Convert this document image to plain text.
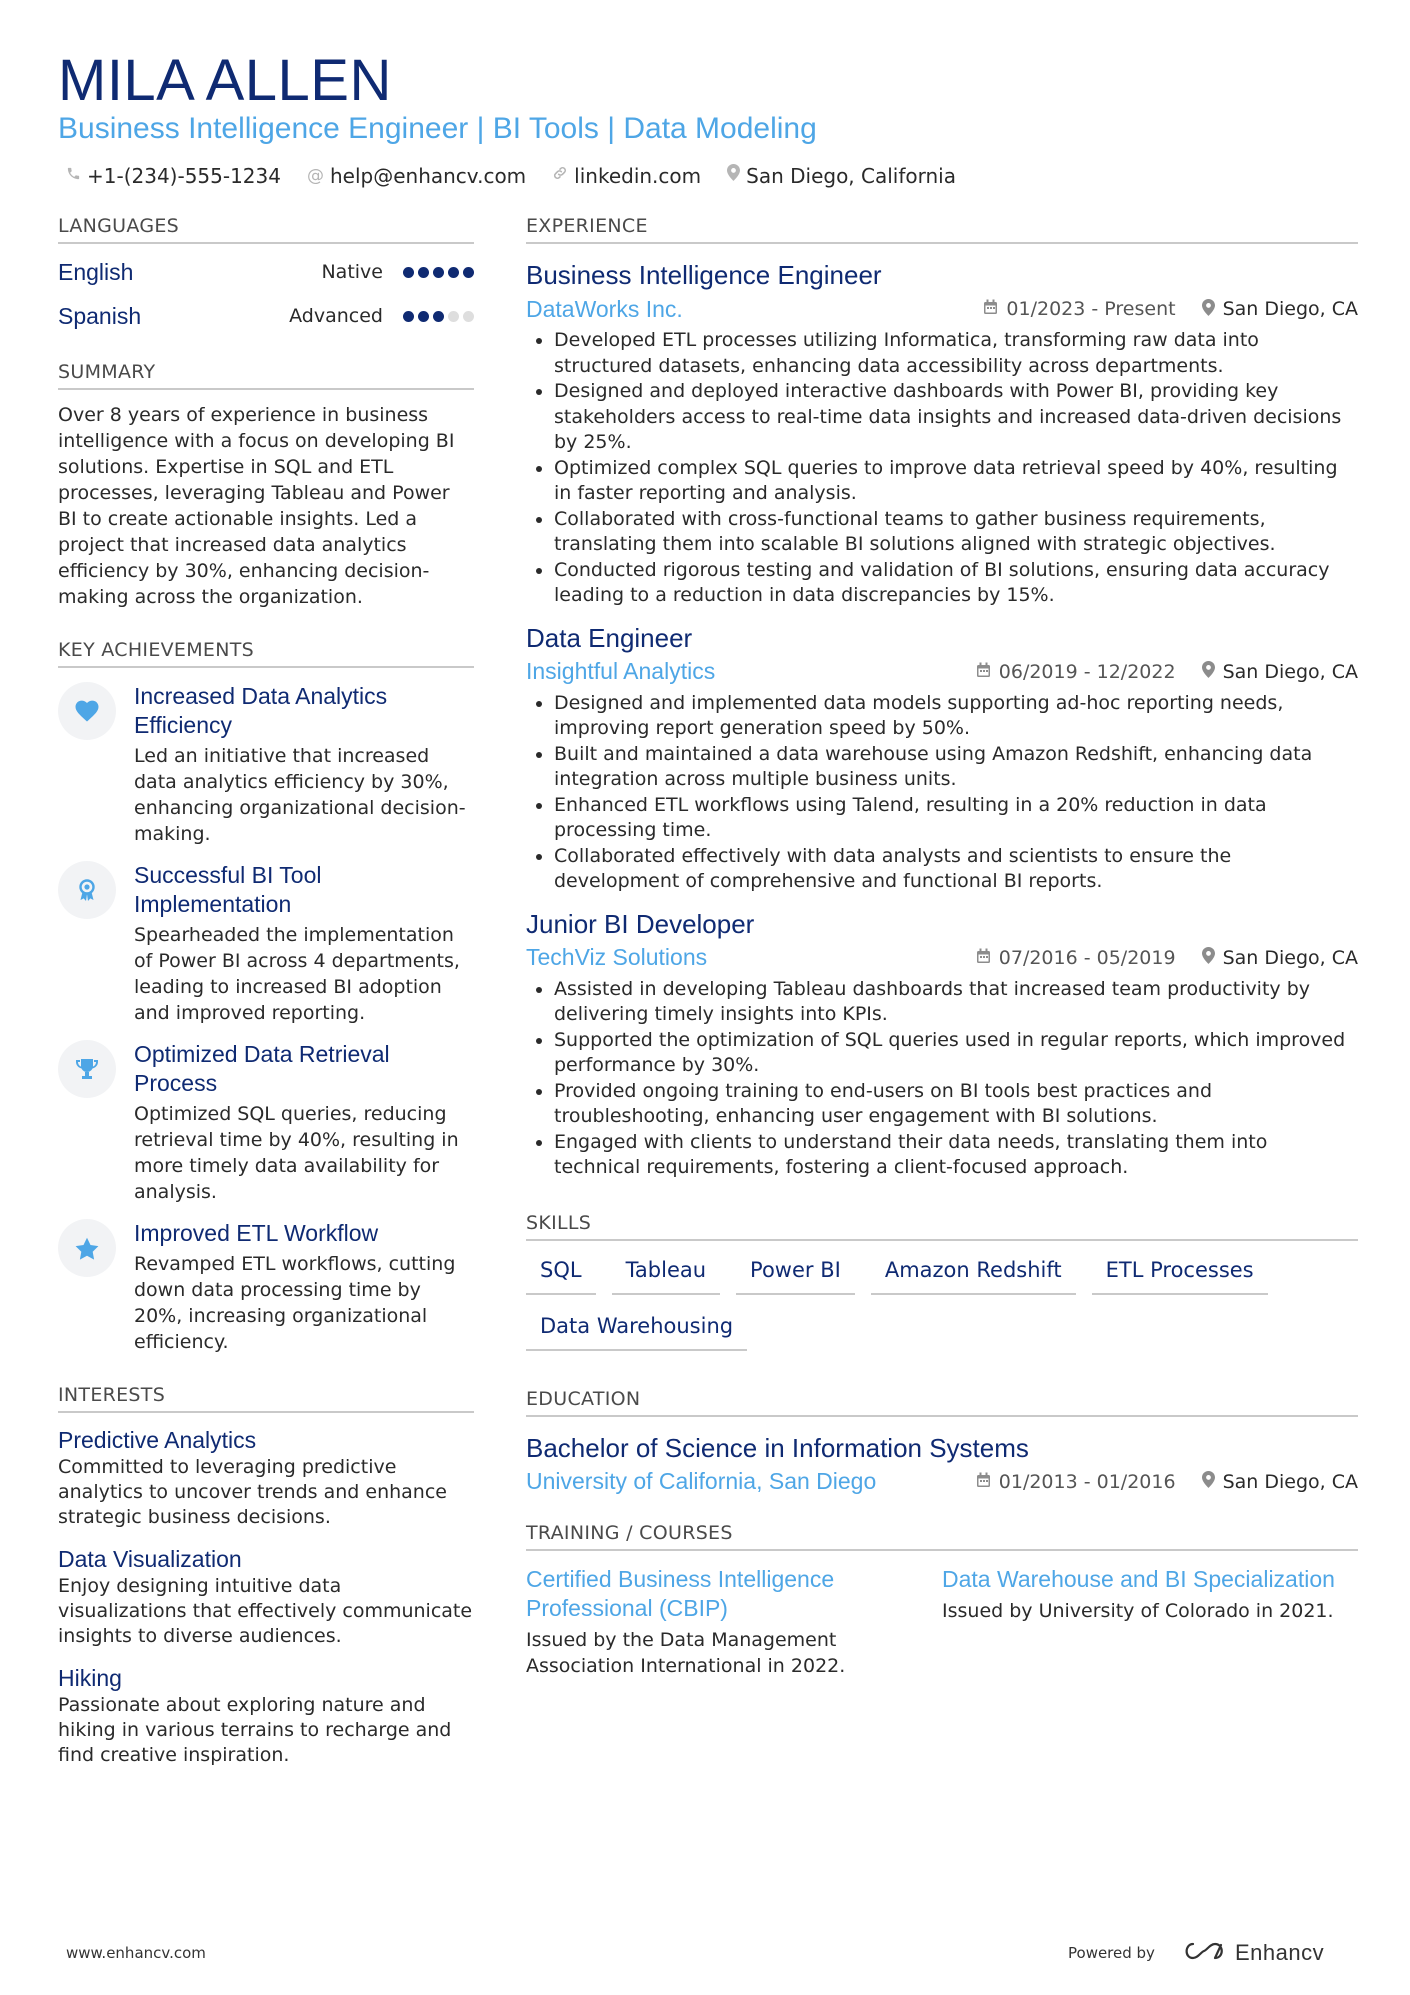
MILA ALLEN
Business Intelligence Engineer | BI Tools | Data Modeling
+1-(234)-555-1234 @ help@enhancv.com linkedin.com San Diego, California
LANGUAGES
English	Native
Spanish	Advanced
SUMMARY
Over 8 years of experience in business intelligence with a focus on developing BI solutions. Expertise in SQL and ETL processes, leveraging Tableau and Power BI to create actionable insights. Led a project that increased data analytics efficiency by 30%, enhancing decision-making across the organization.
KEY ACHIEVEMENTS
Increased Data Analytics Efficiency
Led an initiative that increased data analytics efficiency by 30%, enhancing organizational decision-making.
Successful BI Tool Implementation
Spearheaded the implementation of Power BI across 4 departments, leading to increased BI adoption and improved reporting.
Optimized Data Retrieval Process
Optimized SQL queries, reducing retrieval time by 40%, resulting in more timely data availability for analysis.
Improved ETL Workflow
Revamped ETL workflows, cutting down data processing time by 20%, increasing organizational efficiency.
INTERESTS
Predictive Analytics
Committed to leveraging predictive analytics to uncover trends and enhance strategic business decisions.
Data Visualization
Enjoy designing intuitive data visualizations that effectively communicate insights to diverse audiences.
Hiking
Passionate about exploring nature and hiking in various terrains to recharge and find creative inspiration.
EXPERIENCE
Business Intelligence Engineer
DataWorks Inc.	01/2023 - Present San Diego, CA
• Developed ETL processes utilizing Informatica, transforming raw data into structured datasets, enhancing data accessibility across departments.
• Designed and deployed interactive dashboards with Power BI, providing key stakeholders access to real-time data insights and increased data-driven decisions by 25%.
• Optimized complex SQL queries to improve data retrieval speed by 40%, resulting in faster reporting and analysis.
• Collaborated with cross-functional teams to gather business requirements, translating them into scalable BI solutions aligned with strategic objectives.
• Conducted rigorous testing and validation of BI solutions, ensuring data accuracy leading to a reduction in data discrepancies by 15%.
Data Engineer
Insightful Analytics	06/2019 - 12/2022 San Diego, CA
• Designed and implemented data models supporting ad-hoc reporting needs, improving report generation speed by 50%.
• Built and maintained a data warehouse using Amazon Redshift, enhancing data integration across multiple business units.
• Enhanced ETL workflows using Talend, resulting in a 20% reduction in data processing time.
• Collaborated effectively with data analysts and scientists to ensure the development of comprehensive and functional BI reports.
Junior BI Developer
TechViz Solutions	07/2016 - 05/2019 San Diego, CA
• Assisted in developing Tableau dashboards that increased team productivity by delivering timely insights into KPIs.
• Supported the optimization of SQL queries used in regular reports, which improved performance by 30%.
• Provided ongoing training to end-users on BI tools best practices and troubleshooting, enhancing user engagement with BI solutions.
• Engaged with clients to understand their data needs, translating them into technical requirements, fostering a client-focused approach.
SKILLS
SQL	Tableau	Power BI	Amazon Redshift	ETL Processes
Data Warehousing
EDUCATION
Bachelor of Science in Information Systems
University of California, San Diego	01/2013 - 01/2016 San Diego, CA
TRAINING / COURSES
Certified Business Intelligence Professional (CBIP)
Issued by the Data Management Association International in 2022.
Data Warehouse and BI Specialization
Issued by University of Colorado in 2021.
www.enhancv.com	Powered by	Enhancv
